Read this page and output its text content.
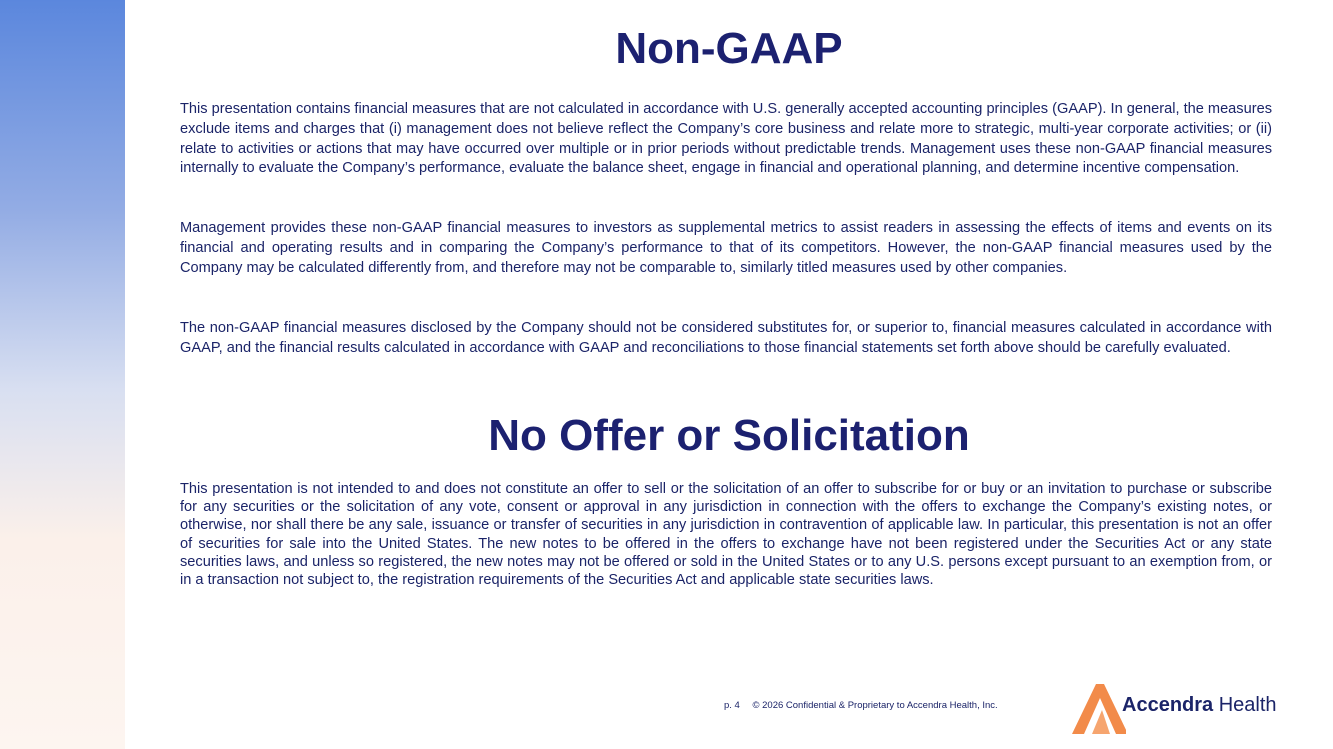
Non-GAAP

This presentation contains financial measures that are not calculated in accordance with U.S. generally accepted accounting principles (GAAP). In general, the measures exclude items and charges that (i) management does not believe reflect the Company’s core business and relate more to strategic, multi-year corporate activities; or (ii) relate to activities or actions that may have occurred over multiple or in prior periods without predictable trends. Management uses these non-GAAP financial measures internally to evaluate the Company’s performance, evaluate the balance sheet, engage in financial and operational planning, and determine incentive compensation.

Management provides these non-GAAP financial measures to investors as supplemental metrics to assist readers in assessing the effects of items and events on its financial and operating results and in comparing the Company’s performance to that of its competitors. However, the non-GAAP financial measures used by the Company may be calculated differently from, and therefore may not be comparable to, similarly titled measures used by other companies.

The non-GAAP financial measures disclosed by the Company should not be considered substitutes for, or superior to, financial measures calculated in accordance with GAAP, and the financial results calculated in accordance with GAAP and reconciliations to those financial statements set forth above should be carefully evaluated.

No Offer or Solicitation

This presentation is not intended to and does not constitute an offer to sell or the solicitation of an offer to subscribe for or buy or an invitation to purchase or subscribe for any securities or the solicitation of any vote, consent or approval in any jurisdiction in connection with the offers to exchange the Company’s existing notes, or otherwise, nor shall there be any sale, issuance or transfer of securities in any jurisdiction in contravention of applicable law. In particular, this presentation is not an offer of securities for sale into the United States. The new notes to be offered in the offers to exchange have not been registered under the Securities Act or any state securities laws, and unless so registered, the new notes may not be offered or sold in the United States or to any U.S. persons except pursuant to an exemption from, or in a transaction not subject to, the registration requirements of the Securities Act and applicable state securities laws.

p. 4 © 2026 Confidential & Proprietary to Accendra Health, Inc.	Accendra Health
